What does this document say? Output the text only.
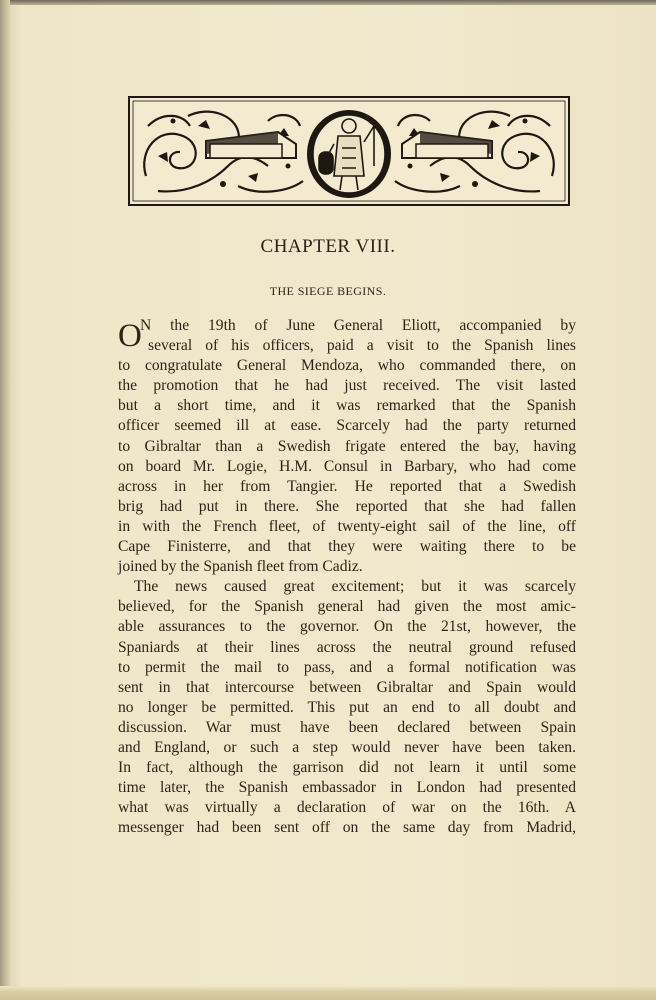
CHAPTER VIII.
THE SIEGE BEGINS.
O
N the 19th of June General Eliott, accompanied by
several of his officers, paid a visit to the Spanish lines
to congratulate General Mendoza, who commanded there, on
the promotion that he had just received. The visit lasted
but a short time, and it was remarked that the Spanish
officer seemed ill at ease. Scarcely had the party returned
to Gibraltar than a Swedish frigate entered the bay, having
on board Mr. Logie, H.M. Consul in Barbary, who had come
across in her from Tangier. He reported that a Swedish
brig had put in there. She reported that she had fallen
in with the French fleet, of twenty-eight sail of the line, off
Cape Finisterre, and that they were waiting there to be
joined by the Spanish fleet from Cadiz.
The news caused great excitement; but it was scarcely
believed, for the Spanish general had given the most amic-
able assurances to the governor. On the 21st, however, the
Spaniards at their lines across the neutral ground refused
to permit the mail to pass, and a formal notification was
sent in that intercourse between Gibraltar and Spain would
no longer be permitted. This put an end to all doubt and
discussion. War must have been declared between Spain
and England, or such a step would never have been taken.
In fact, although the garrison did not learn it until some
time later, the Spanish embassador in London had presented
what was virtually a declaration of war on the 16th. A
messenger had been sent off on the same day from Madrid,
